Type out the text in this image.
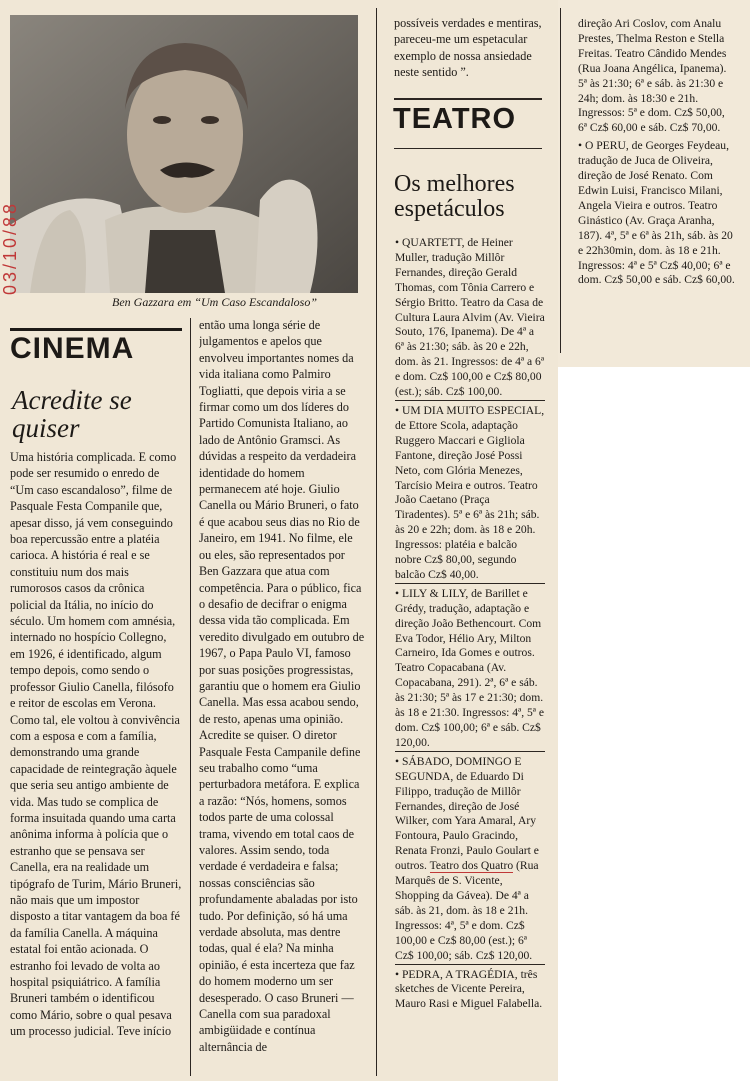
03/10/88
Ben Gazzara em “Um Caso Escandaloso”
CINEMA
Acredite se quiser

Uma história complicada. E como pode ser resumido o enredo de “Um caso escandaloso”, filme de Pasquale Festa Companile que, apesar disso, já vem conseguindo boa repercussão entre a platéia carioca. A história é real e se constituiu num dos mais rumorosos casos da crônica policial da Itália, no início do século. Um homem com amnésia, internado no hospício Collegno, em 1926, é identificado, algum tempo depois, como sendo o professor Giulio Canella, filósofo e reitor de escolas em Verona. Como tal, ele voltou à convivência com a esposa e com a família, demonstrando uma grande capacidade de reintegração àquele que seria seu antigo ambiente de vida. Mas tudo se complica de forma insuitada quando uma carta anônima informa à polícia que o estranho que se pensava ser Canella, era na realidade um tipógrafo de Turim, Mário Bruneri, não mais que um impostor disposto a titar vantagem da boa fé da família Canella. A máquina estatal foi então acionada. O estranho foi levado de volta ao hospital psiquiátrico. A família Bruneri também o identificou como Mário, sobre o qual pesava um processo judicial. Teve início

então uma longa série de julgamentos e apelos que envolveu importantes nomes da vida italiana como Palmiro Togliatti, que depois viria a se firmar como um dos líderes do Partido Comunista Italiano, ao lado de Antônio Gramsci. As dúvidas a respeito da verdadeira identidade do homem permanecem até hoje. Giulio Canella ou Mário Bruneri, o fato é que acabou seus dias no Rio de Janeiro, em 1941. No filme, ele ou eles, são representados por Ben Gazzara que atua com competência. Para o público, fica o desafio de decifrar o enigma dessa vida tão complicada. Em veredito divulgado em outubro de 1967, o Papa Paulo VI, famoso por suas posições progressistas, garantiu que o homem era Giulio Canella. Mas essa acabou sendo, de resto, apenas uma opinião. Acredite se quiser. O diretor Pasquale Festa Campanile define seu trabalho como “uma perturbadora metáfora. E explica a razão: “Nós, homens, somos todos parte de uma colossal trama, vivendo em total caos de valores. Assim sendo, toda verdade é verdadeira e falsa; nossas consciências são profundamente abaladas por isto tudo. Por definição, só há uma verdade absoluta, mas dentre todas, qual é ela? Na minha opinião, é esta incerteza que faz do homem moderno um ser desesperado. O caso Bruneri — Canella com sua paradoxal ambigüidade e contínua alternância de

possíveis verdades e mentiras, pareceu-me um espetacular exemplo de nossa ansiedade neste sentido ”.

TEATRO
Os melhores espetáculos

• QUARTETT, de Heiner Muller, tradução Millôr Fernandes, direção Gerald Thomas, com Tônia Carrero e Sérgio Britto. Teatro da Casa de Cultura Laura Alvim (Av. Vieira Souto, 176, Ipanema). De 4ª a 6ª às 21:30; sáb. às 20 e 22h, dom. às 21. Ingressos: de 4ª a 6ª e dom. Cz$ 100,00 e Cz$ 80,00 (est.); sáb. Cz$ 100,00.

• UM DIA MUITO ESPECIAL, de Ettore Scola, adaptação Ruggero Maccari e Gigliola Fantone, direção José Possi Neto, com Glória Menezes, Tarcísio Meira e outros. Teatro João Caetano (Praça Tiradentes). 5ª e 6ª às 21h; sáb. às 20 e 22h; dom. às 18 e 20h. Ingressos: platéia e balcão nobre Cz$ 80,00, segundo balcão Cz$ 40,00.

• LILY & LILY, de Barillet e Grédy, tradução, adaptação e direção João Bethencourt. Com Eva Todor, Hélio Ary, Milton Carneiro, Ida Gomes e outros. Teatro Copacabana (Av. Copacabana, 291). 2ª, 6ª e sáb. às 21:30; 5ª às 17 e 21:30; dom. às 18 e 21:30. Ingressos: 4ª, 5ª e dom. Cz$ 100,00; 6ª e sáb. Cz$ 120,00.

• SÁBADO, DOMINGO E SEGUNDA, de Eduardo Di Filippo, tradução de Millôr Fernandes, direção de José Wilker, com Yara Amaral, Ary Fontoura, Paulo Gracindo, Renata Fronzi, Paulo Goulart e outros. Teatro dos Quatro (Rua Marquês de S. Vicente, Shopping da Gávea). De 4ª a sáb. às 21, dom. às 18 e 21h. Ingressos: 4ª, 5ª e dom. Cz$ 100,00 e Cz$ 80,00 (est.); 6ª Cz$ 100,00; sáb. Cz$ 120,00.

• PEDRA, A TRAGÉDIA, três sketches de Vicente Pereira, Mauro Rasi e Miguel Falabella.

direção Ari Coslov, com Analu Prestes, Thelma Reston e Stella Freitas. Teatro Cândido Mendes (Rua Joana Angélica, Ipanema). 5ª às 21:30; 6ª e sáb. às 21:30 e 24h; dom. às 18:30 e 21h. Ingressos: 5ª e dom. Cz$ 50,00, 6ª Cz$ 60,00 e sáb. Cz$ 70,00.

• O PERU, de Georges Feydeau, tradução de Juca de Oliveira, direção de José Renato. Com Edwin Luisi, Francisco Milani, Angela Vieira e outros. Teatro Ginástico (Av. Graça Aranha, 187). 4ª, 5ª e 6ª às 21h, sáb. às 20 e 22h30min, dom. às 18 e 21h. Ingressos: 4ª e 5ª Cz$ 40,00; 6ª e dom. Cz$ 50,00 e sáb. Cz$ 60,00.
